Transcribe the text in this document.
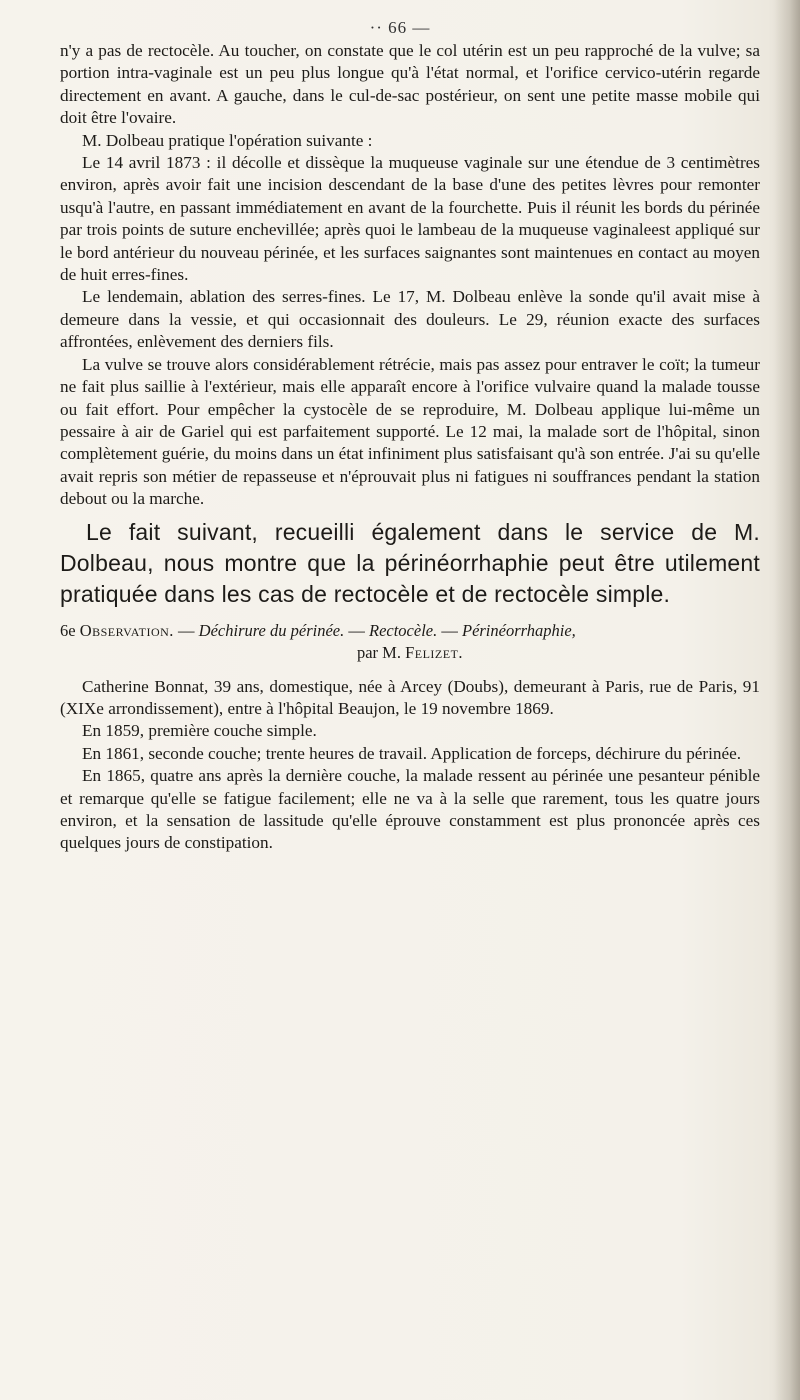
·· 66 —

n'y a pas de rectocèle. Au toucher, on constate que le col utérin est un peu rapproché de la vulve; sa portion intra-vaginale est un peu plus longue qu'à l'état normal, et l'orifice cervico-utérin regarde directement en avant. A gauche, dans le cul-de-sac postérieur, on sent une petite masse mobile qui doit être l'ovaire.

M. Dolbeau pratique l'opération suivante :

Le 14 avril 1873 : il décolle et dissèque la muqueuse vaginale sur une étendue de 3 centimètres environ, après avoir fait une incision descendant de la base d'une des petites lèvres pour remonter usqu'à l'autre, en passant immédiatement en avant de la fourchette. Puis il réunit les bords du périnée par trois points de suture enchevillée; après quoi le lambeau de la muqueuse vaginaleest appliqué sur le bord antérieur du nouveau périnée, et les surfaces saignantes sont maintenues en contact au moyen de huit erres-fines.

Le lendemain, ablation des serres-fines. Le 17, M. Dolbeau enlève la sonde qu'il avait mise à demeure dans la vessie, et qui occasionnait des douleurs. Le 29, réunion exacte des surfaces affrontées, enlèvement des derniers fils.

La vulve se trouve alors considérablement rétrécie, mais pas assez pour entraver le coït; la tumeur ne fait plus saillie à l'extérieur, mais elle apparaît encore à l'orifice vulvaire quand la malade tousse ou fait effort. Pour empêcher la cystocèle de se reproduire, M. Dolbeau applique lui-même un pessaire à air de Gariel qui est parfaitement supporté. Le 12 mai, la malade sort de l'hôpital, sinon complètement guérie, du moins dans un état infiniment plus satisfaisant qu'à son entrée. J'ai su qu'elle avait repris son métier de repasseuse et n'éprouvait plus ni fatigues ni souffrances pendant la station debout ou la marche.

Le fait suivant, recueilli également dans le service de M. Dolbeau, nous montre que la périnéorrhaphie peut être utilement pratiquée dans les cas de rectocèle et de rectocèle simple.

6e Observation. — Déchirure du périnée. — Rectocèle. — Périnéorrhaphie,
par M. Felizet.

Catherine Bonnat, 39 ans, domestique, née à Arcey (Doubs), demeurant à Paris, rue de Paris, 91 (XIXe arrondissement), entre à l'hôpital Beaujon, le 19 novembre 1869.

En 1859, première couche simple.

En 1861, seconde couche; trente heures de travail. Application de forceps, déchirure du périnée.

En 1865, quatre ans après la dernière couche, la malade ressent au périnée une pesanteur pénible et remarque qu'elle se fatigue facilement; elle ne va à la selle que rarement, tous les quatre jours environ, et la sensation de lassitude qu'elle éprouve constamment est plus prononcée après ces quelques jours de constipation.
